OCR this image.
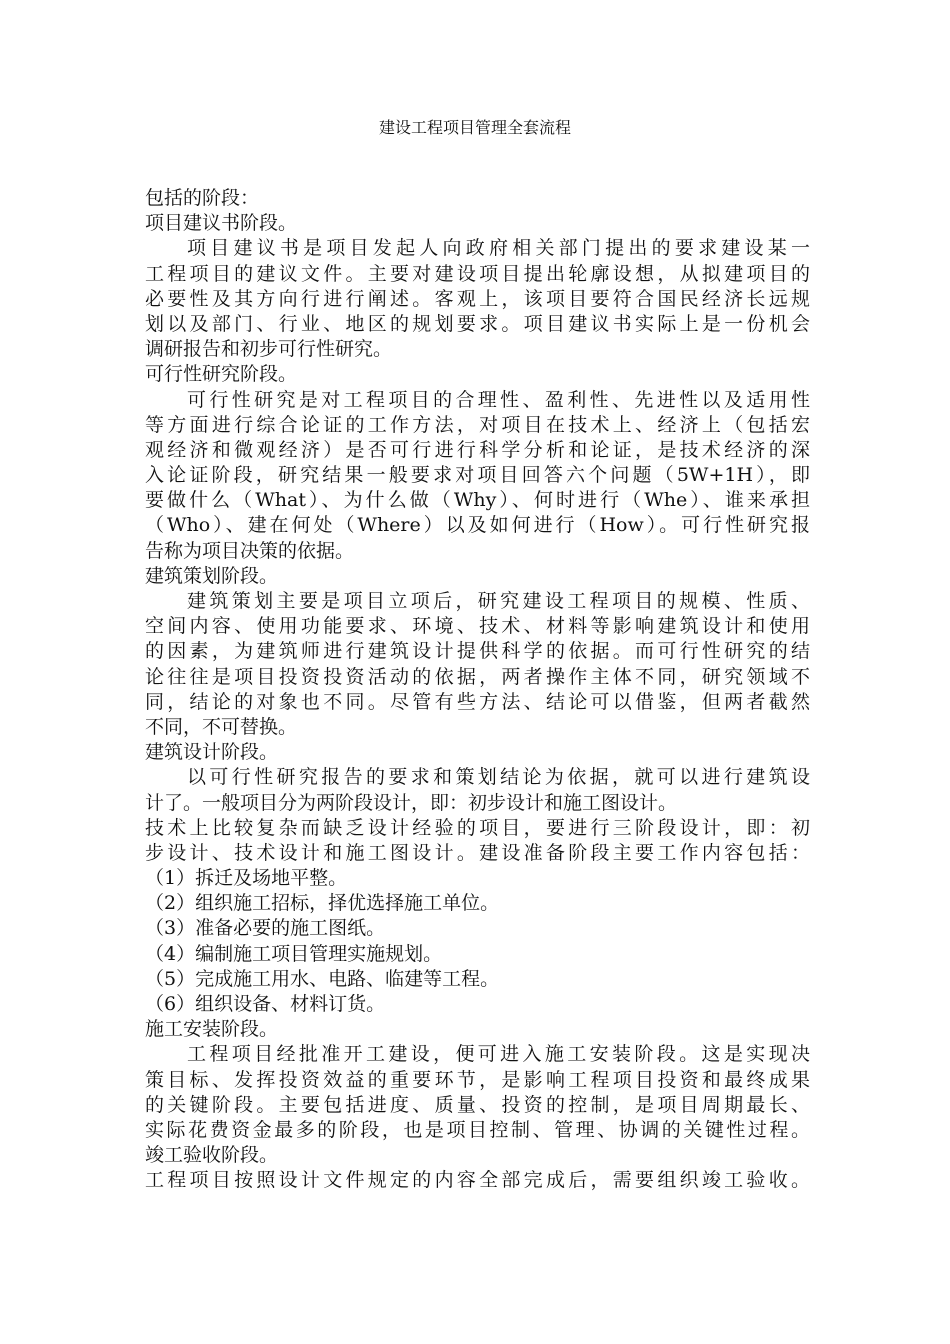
建设工程项目管理全套流程
包括的阶段：
项目建议书阶段。
项目建议书是项目发起人向政府相关部门提出的要求建设某一
工程项目的建议文件。主要对建设项目提出轮廓设想，从拟建项目的
必要性及其方向行进行阐述。客观上，该项目要符合国民经济长远规
划以及部门、行业、地区的规划要求。项目建议书实际上是一份机会
调研报告和初步可行性研究。
可行性研究阶段。
可行性研究是对工程项目的合理性、盈利性、先进性以及适用性
等方面进行综合论证的工作方法，对项目在技术上、经济上（包括宏
观经济和微观经济）是否可行进行科学分析和论证，是技术经济的深
入论证阶段，研究结果一般要求对项目回答六个问题（5W+1H），即
要做什么（What）、为什么做（Why）、何时进行（Whe）、谁来承担
（Who）、建在何处（Where）以及如何进行（How）。可行性研究报
告称为项目决策的依据。
建筑策划阶段。
建筑策划主要是项目立项后，研究建设工程项目的规模、性质、
空间内容、使用功能要求、环境、技术、材料等影响建筑设计和使用
的因素，为建筑师进行建筑设计提供科学的依据。而可行性研究的结
论往往是项目投资投资活动的依据，两者操作主体不同，研究领域不
同，结论的对象也不同。尽管有些方法、结论可以借鉴，但两者截然
不同，不可替换。
建筑设计阶段。
以可行性研究报告的要求和策划结论为依据，就可以进行建筑设
计了。一般项目分为两阶段设计，即：初步设计和施工图设计。
技术上比较复杂而缺乏设计经验的项目，要进行三阶段设计，即：初
步设计、技术设计和施工图设计。建设准备阶段主要工作内容包括：
（1）拆迁及场地平整。
（2）组织施工招标，择优选择施工单位。
（3）准备必要的施工图纸。
（4）编制施工项目管理实施规划。
（5）完成施工用水、电路、临建等工程。
（6）组织设备、材料订货。
施工安装阶段。
工程项目经批准开工建设，便可进入施工安装阶段。这是实现决
策目标、发挥投资效益的重要环节，是影响工程项目投资和最终成果
的关键阶段。主要包括进度、质量、投资的控制，是项目周期最长、
实际花费资金最多的阶段，也是项目控制、管理、协调的关键性过程。
竣工验收阶段。
工程项目按照设计文件规定的内容全部完成后，需要组织竣工验收。
